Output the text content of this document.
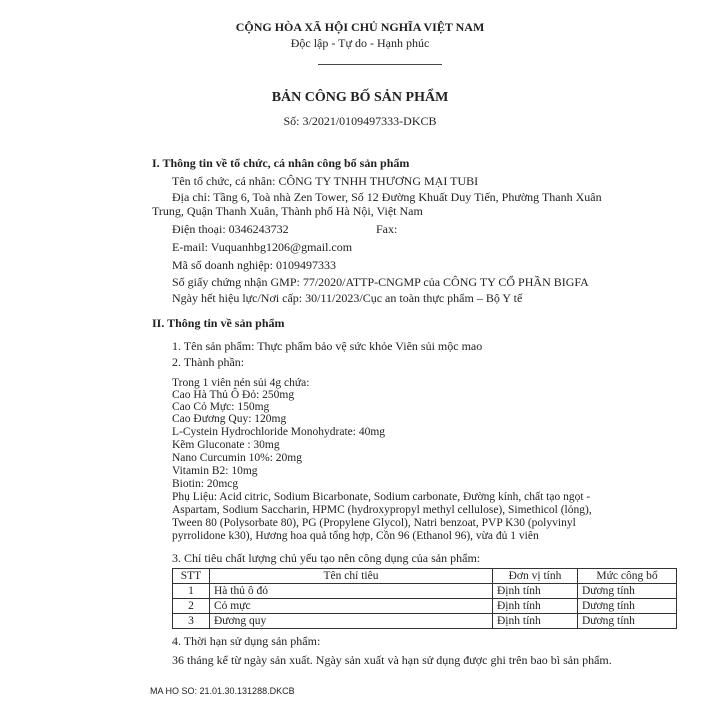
CỘNG HÒA XÃ HỘI CHỦ NGHĨA VIỆT NAM
Độc lập - Tự do - Hạnh phúc
BẢN CÔNG BỐ SẢN PHẨM
Số: 3/2021/0109497333-DKCB
I. Thông tin về tổ chức, cá nhân công bố sản phẩm
Tên tổ chức, cá nhân: CÔNG TY TNHH THƯƠNG MẠI TUBI
Địa chỉ: Tầng 6, Toà nhà Zen Tower, Số 12 Đường Khuất Duy Tiến, Phường Thanh Xuân
Trung, Quận Thanh Xuân, Thành phố Hà Nội, Việt Nam
Điện thoại: 0346243732	Fax:
E-mail: Vuquanhbg1206@gmail.com
Mã số doanh nghiệp: 0109497333
Số giấy chứng nhận GMP: 77/2020/ATTP-CNGMP của CÔNG TY CỔ PHẦN BIGFA
Ngày hết hiệu lực/Nơi cấp: 30/11/2023/Cục an toàn thực phẩm – Bộ Y tế
II. Thông tin về sản phẩm
1. Tên sản phẩm: Thực phẩm bảo vệ sức khỏe Viên sủi mộc mao
2. Thành phần:
Trong 1 viên nén sủi 4g chứa:
Cao Hà Thủ Ô Đỏ: 250mg
Cao Cỏ Mực: 150mg
Cao Đương Quy: 120mg
L-Cystein Hydrochloride Monohydrate: 40mg
Kẽm Gluconate : 30mg
Nano Curcumin 10%: 20mg
Vitamin B2: 10mg
Biotin: 20mcg
Phụ Liệu: Acid citric, Sodium Bicarbonate, Sodium carbonate, Đường kính, chất tạo ngọt -
Aspartam, Sodium Saccharin, HPMC (hydroxypropyl methyl cellulose), Simethicol (lỏng),
Tween 80 (Polysorbate 80), PG (Propylene Glycol), Natri benzoat, PVP K30 (polyvinyl
pyrrolidone k30), Hương hoa quả tổng hợp, Cồn 96 (Ethanol 96), vừa đủ 1 viên
3. Chỉ tiêu chất lượng chủ yếu tạo nên công dụng của sản phẩm:
STT	Tên chỉ tiêu	Đơn vị tính	Mức công bố
1	Hà thủ ô đỏ	Định tính	Dương tính
2	Cỏ mực	Định tính	Dương tính
3	Đương quy	Định tính	Dương tính
4. Thời hạn sử dụng sản phẩm:
36 tháng kể từ ngày sản xuất. Ngày sản xuất và hạn sử dụng được ghi trên bao bì sản phẩm.
MA HO SO: 21.01.30.131288.DKCB
